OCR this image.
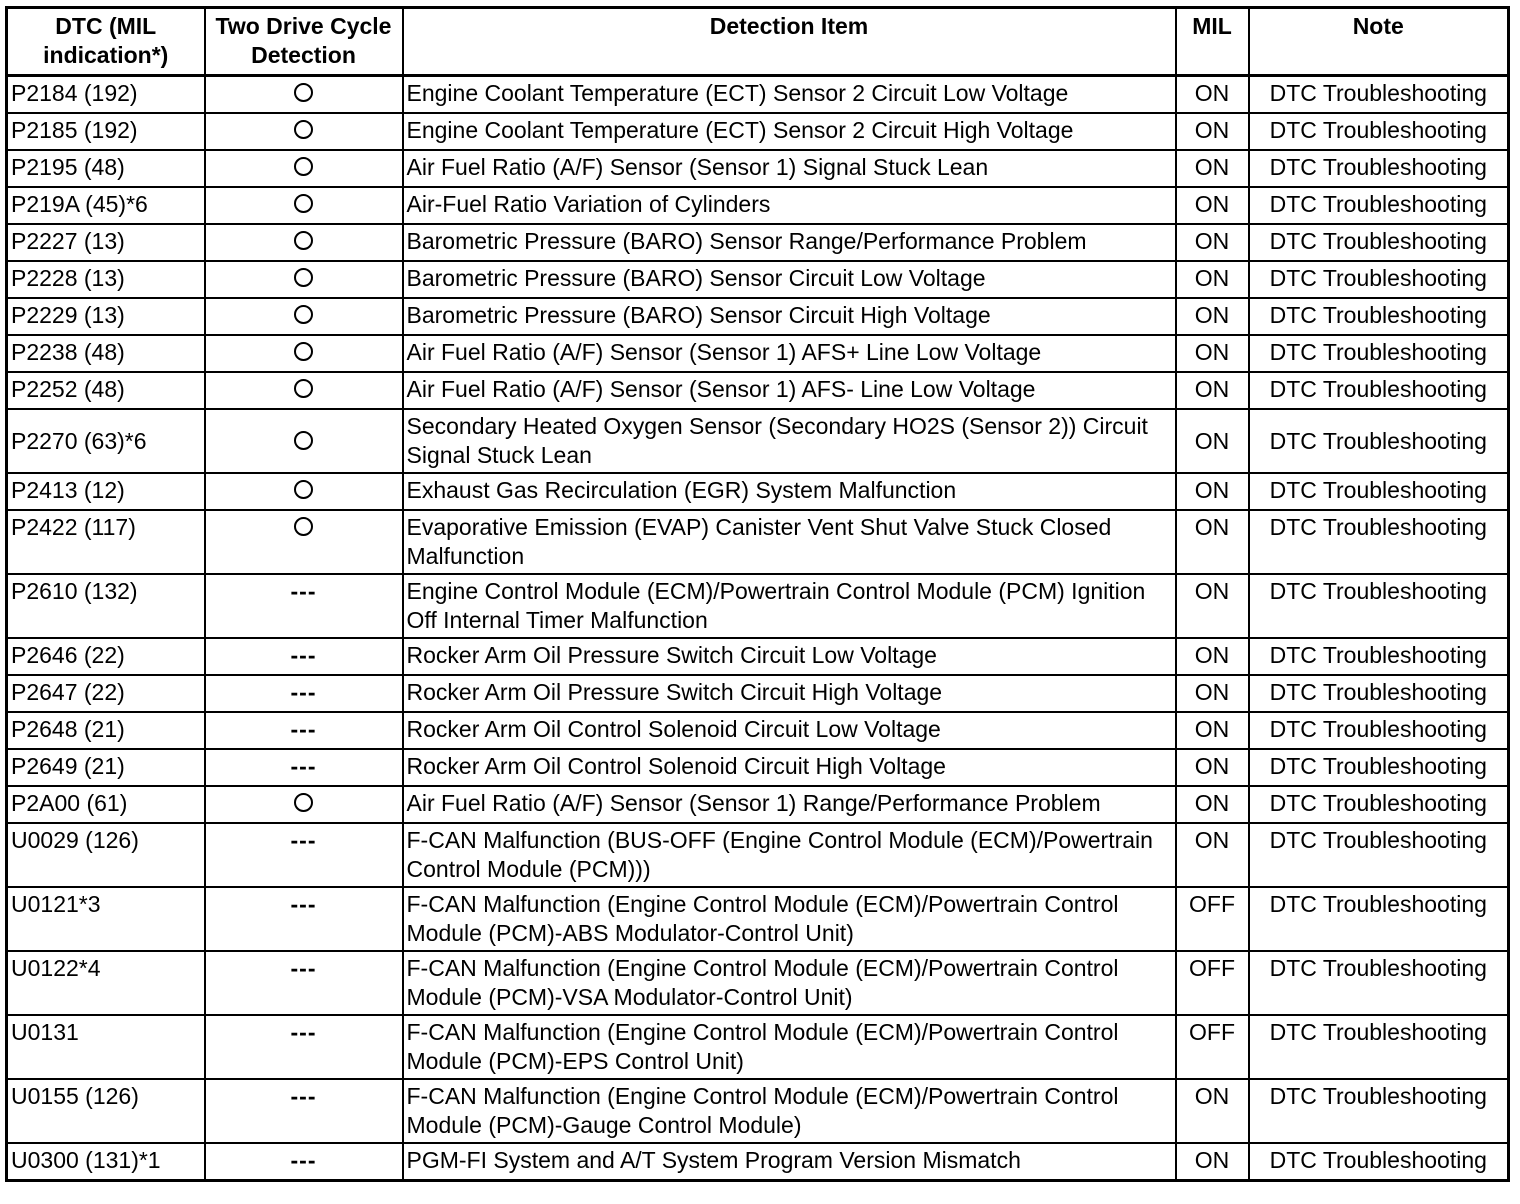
DTC (MIL indication*)	Two Drive Cycle Detection	Detection Item	MIL	Note
P2184 (192)		Engine Coolant Temperature (ECT) Sensor 2 Circuit Low Voltage	ON	DTC Troubleshooting
P2185 (192)		Engine Coolant Temperature (ECT) Sensor 2 Circuit High Voltage	ON	DTC Troubleshooting
P2195 (48)		Air Fuel Ratio (A/F) Sensor (Sensor 1) Signal Stuck Lean	ON	DTC Troubleshooting
P219A (45)*6		Air-Fuel Ratio Variation of Cylinders	ON	DTC Troubleshooting
P2227 (13)		Barometric Pressure (BARO) Sensor Range/Performance Problem	ON	DTC Troubleshooting
P2228 (13)		Barometric Pressure (BARO) Sensor Circuit Low Voltage	ON	DTC Troubleshooting
P2229 (13)		Barometric Pressure (BARO) Sensor Circuit High Voltage	ON	DTC Troubleshooting
P2238 (48)		Air Fuel Ratio (A/F) Sensor (Sensor 1) AFS+ Line Low Voltage	ON	DTC Troubleshooting
P2252 (48)		Air Fuel Ratio (A/F) Sensor (Sensor 1) AFS- Line Low Voltage	ON	DTC Troubleshooting
P2270 (63)*6		Secondary Heated Oxygen Sensor (Secondary HO2S (Sensor 2)) Circuit Signal Stuck Lean	ON	DTC Troubleshooting
P2413 (12)		Exhaust Gas Recirculation (EGR) System Malfunction	ON	DTC Troubleshooting
P2422 (117)		Evaporative Emission (EVAP) Canister Vent Shut Valve Stuck Closed Malfunction	ON	DTC Troubleshooting
P2610 (132)	---	Engine Control Module (ECM)/Powertrain Control Module (PCM) Ignition Off Internal Timer Malfunction	ON	DTC Troubleshooting
P2646 (22)	---	Rocker Arm Oil Pressure Switch Circuit Low Voltage	ON	DTC Troubleshooting
P2647 (22)	---	Rocker Arm Oil Pressure Switch Circuit High Voltage	ON	DTC Troubleshooting
P2648 (21)	---	Rocker Arm Oil Control Solenoid Circuit Low Voltage	ON	DTC Troubleshooting
P2649 (21)	---	Rocker Arm Oil Control Solenoid Circuit High Voltage	ON	DTC Troubleshooting
P2A00 (61)		Air Fuel Ratio (A/F) Sensor (Sensor 1) Range/Performance Problem	ON	DTC Troubleshooting
U0029 (126)	---	F-CAN Malfunction (BUS-OFF (Engine Control Module (ECM)/Powertrain Control Module (PCM)))	ON	DTC Troubleshooting
U0121*3	---	F-CAN Malfunction (Engine Control Module (ECM)/Powertrain Control Module (PCM)-ABS Modulator-Control Unit)	OFF	DTC Troubleshooting
U0122*4	---	F-CAN Malfunction (Engine Control Module (ECM)/Powertrain Control Module (PCM)-VSA Modulator-Control Unit)	OFF	DTC Troubleshooting
U0131	---	F-CAN Malfunction (Engine Control Module (ECM)/Powertrain Control Module (PCM)-EPS Control Unit)	OFF	DTC Troubleshooting
U0155 (126)	---	F-CAN Malfunction (Engine Control Module (ECM)/Powertrain Control Module (PCM)-Gauge Control Module)	ON	DTC Troubleshooting
U0300 (131)*1	---	PGM-FI System and A/T System Program Version Mismatch	ON	DTC Troubleshooting
